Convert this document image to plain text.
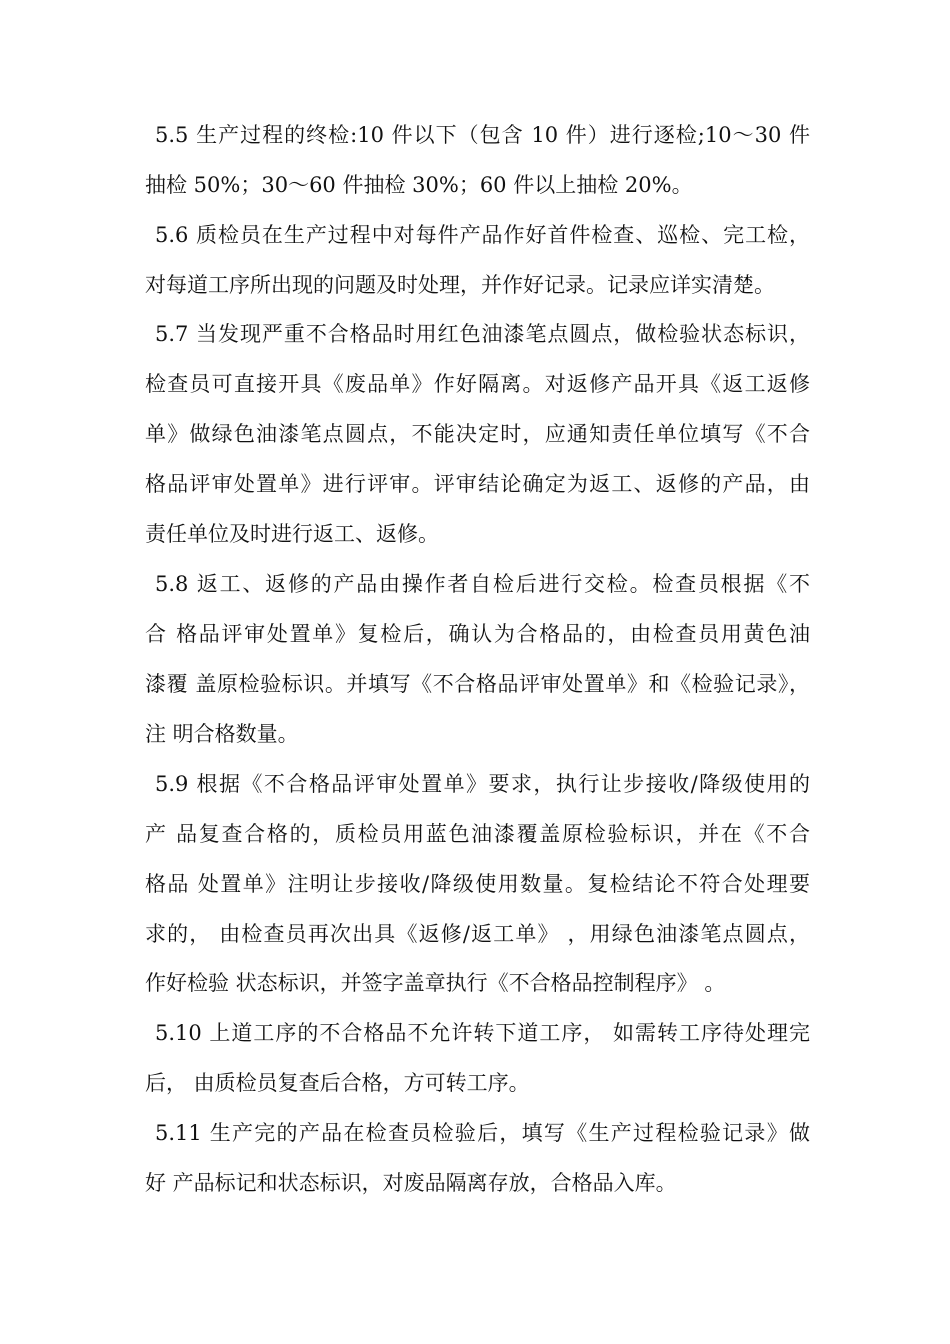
5.5 生产过程的终检:10 件以下（包含 10 件）进行逐检;10～30 件
抽检 50%；30～60 件抽检 30%；60 件以上抽检 20%。
5.6 质检员在生产过程中对每件产品作好首件检查、巡检、完工检，
对每道工序所出现的问题及时处理，并作好记录。记录应详实清楚。
5.7 当发现严重不合格品时用红色油漆笔点圆点，做检验状态标识，
检查员可直接开具《废品单》作好隔离。对返修产品开具《返工返修
单》做绿色油漆笔点圆点，不能决定时，应通知责任单位填写《不合
格品评审处置单》进行评审。评审结论确定为返工、返修的产品，由
责任单位及时进行返工、返修。
5.8 返工、返修的产品由操作者自检后进行交检。检查员根据《不
合 格品评审处置单》复检后，确认为合格品的，由检查员用黄色油
漆覆 盖原检验标识。并填写《不合格品评审处置单》和《检验记录》，
注 明合格数量。
5.9 根据《不合格品评审处置单》要求，执行让步接收/降级使用的
产 品复查合格的，质检员用蓝色油漆覆盖原检验标识，并在《不合
格品 处置单》注明让步接收/降级使用数量。复检结论不符合处理要
求的， 由检查员再次出具《返修/返工单》 ，用绿色油漆笔点圆点，
作好检验 状态标识，并签字盖章执行《不合格品控制程序》 。
5.10 上道工序的不合格品不允许转下道工序， 如需转工序待处理完
后， 由质检员复查后合格，方可转工序。
5.11 生产完的产品在检查员检验后，填写《生产过程检验记录》做
好 产品标记和状态标识，对废品隔离存放，合格品入库。
